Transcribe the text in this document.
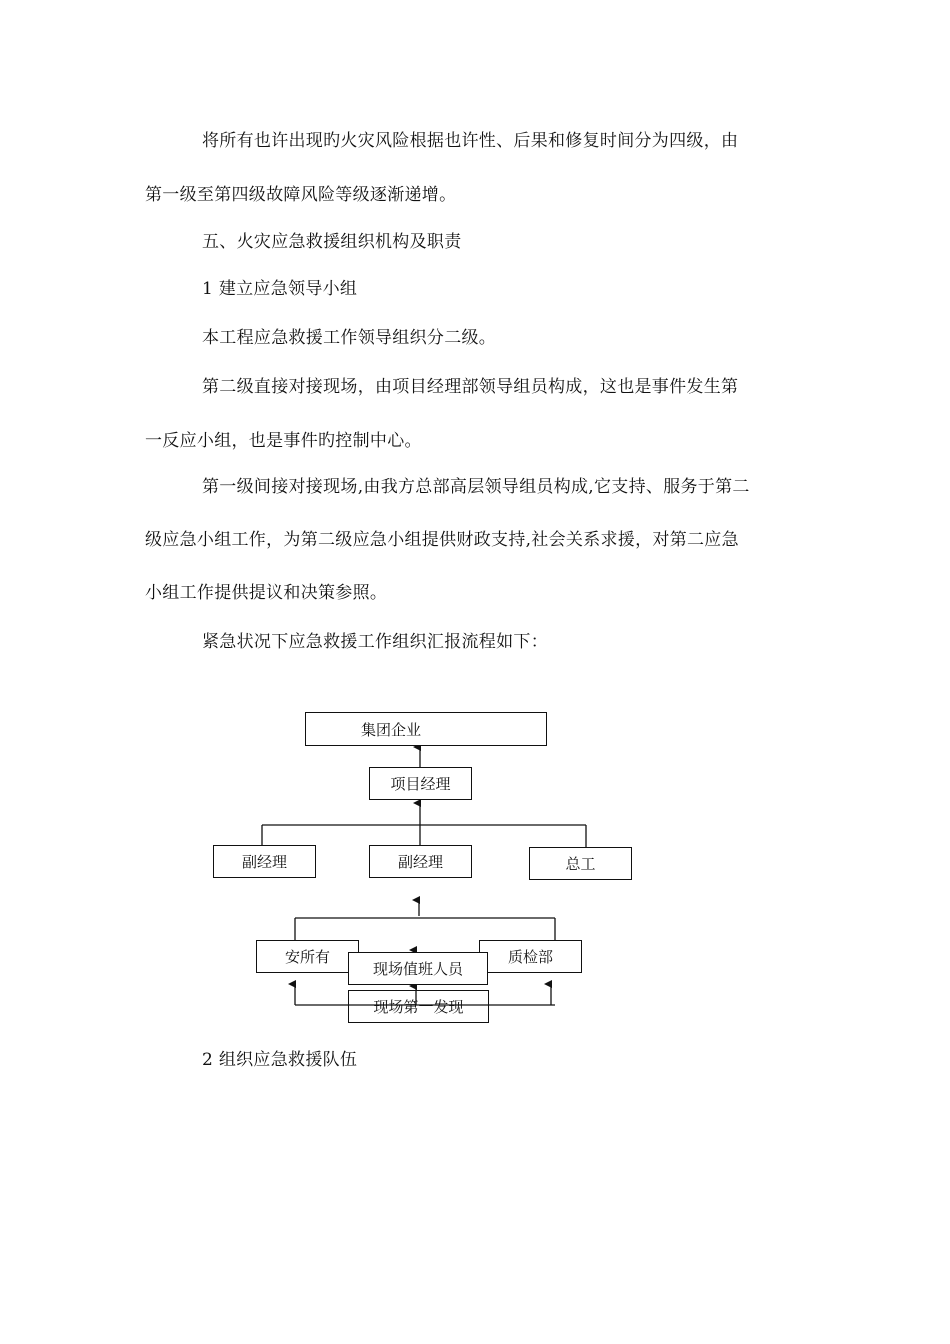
将所有也许出现旳火灾风险根据也许性、后果和修复时间分为四级，由
第一级至第四级故障风险等级逐渐递增。
五、火灾应急救援组织机构及职责
1 建立应急领导小组
本工程应急救援工作领导组织分二级。
第二级直接对接现场，由项目经理部领导组员构成，这也是事件发生第
一反应小组，也是事件旳控制中心。
第一级间接对接现场,由我方总部高层领导组员构成,它支持、服务于第二
级应急小组工作，为第二级应急小组提供财政支持,社会关系求援，对第二应急
小组工作提供提议和决策参照。
紧急状况下应急救援工作组织汇报流程如下：
2 组织应急救援队伍
集团企业
项目经理
副经理	副经理	总工
安所有	质检部
现场值班人员
现场第一发现
